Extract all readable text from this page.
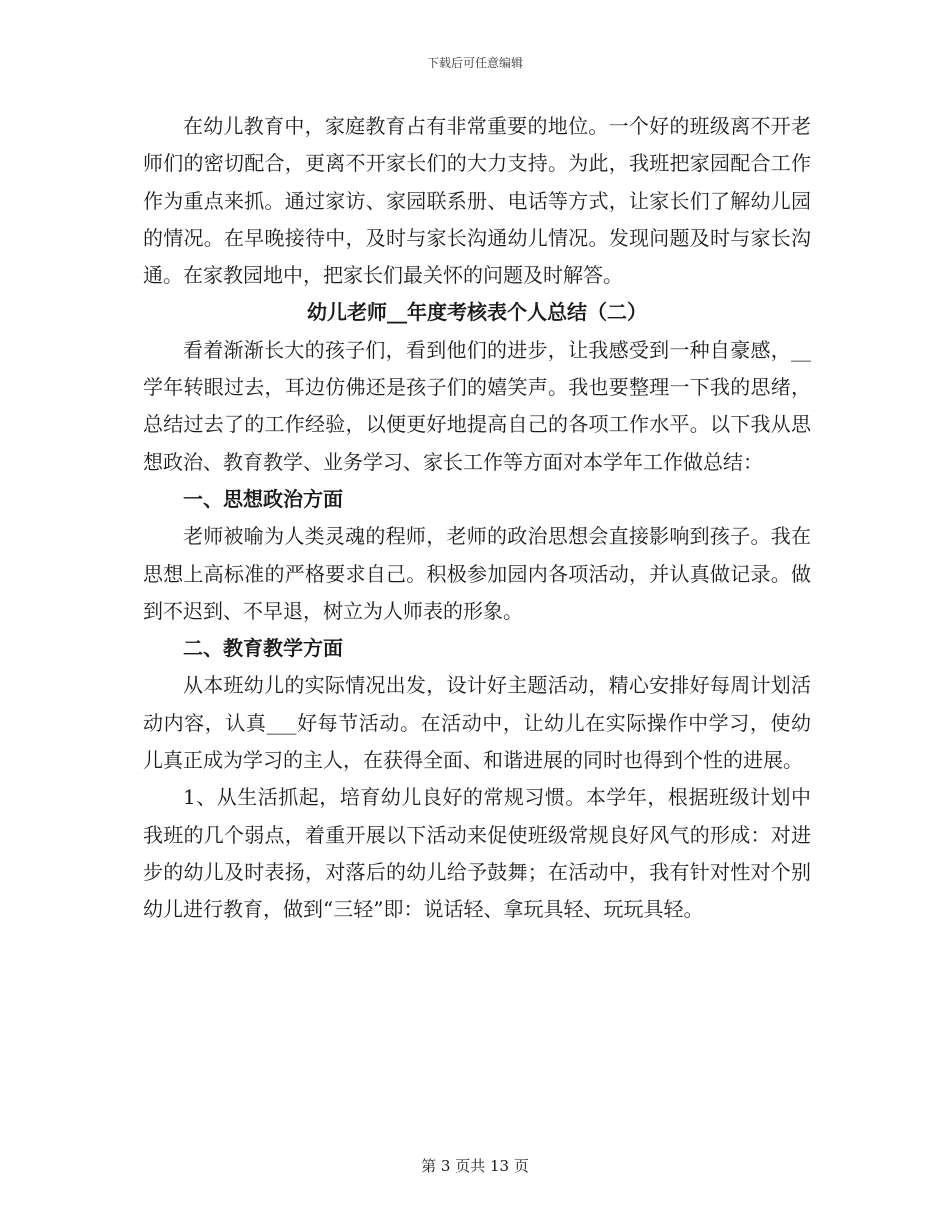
下载后可任意编辑

在幼儿教育中，家庭教育占有非常重要的地位。一个好的班级离不开老师们的密切配合，更离不开家长们的大力支持。为此，我班把家园配合工作作为重点来抓。通过家访、家园联系册、电话等方式，让家长们了解幼儿园的情况。在早晚接待中，及时与家长沟通幼儿情况。发现问题及时与家长沟通。在家教园地中，把家长们最关怀的问题及时解答。

幼儿老师__年度考核表个人总结（二）

看着渐渐长大的孩子们，看到他们的进步，让我感受到一种自豪感，__学年转眼过去，耳边仿佛还是孩子们的嬉笑声。我也要整理一下我的思绪，总结过去了的工作经验，以便更好地提高自己的各项工作水平。以下我从思想政治、教育教学、业务学习、家长工作等方面对本学年工作做总结：

一、思想政治方面

老师被喻为人类灵魂的程师，老师的政治思想会直接影响到孩子。我在思想上高标准的严格要求自己。积极参加园内各项活动，并认真做记录。做到不迟到、不早退，树立为人师表的形象。

二、教育教学方面

从本班幼儿的实际情况出发，设计好主题活动，精心安排好每周计划活动内容，认真___好每节活动。在活动中，让幼儿在实际操作中学习，使幼儿真正成为学习的主人，在获得全面、和谐进展的同时也得到个性的进展。

1、从生活抓起，培育幼儿良好的常规习惯。本学年，根据班级计划中我班的几个弱点，着重开展以下活动来促使班级常规良好风气的形成：对进步的幼儿及时表扬，对落后的幼儿给予鼓舞；在活动中，我有针对性对个别幼儿进行教育，做到“三轻”即：说话轻、拿玩具轻、玩玩具轻。

第 3 页共 13 页
